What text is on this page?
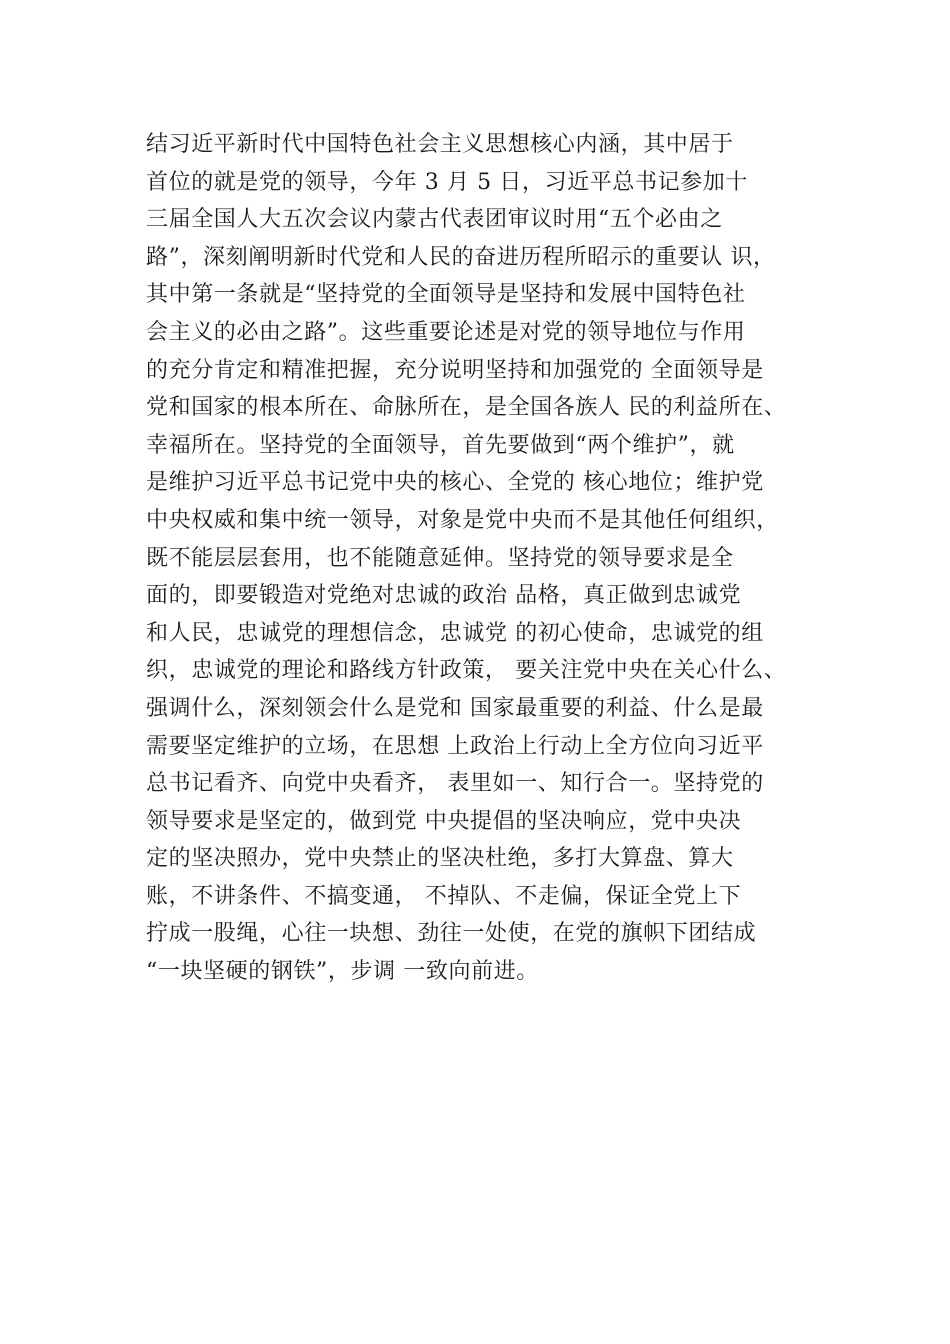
结习近平新时代中国特色社会主义思想核心内涵，其中居于
首位的就是党的领导，今年 3 月 5 日，习近平总书记参加十
三届全国人大五次会议内蒙古代表团审议时用“五个必由之
路”，深刻阐明新时代党和人民的奋进历程所昭示的重要认 识，
其中第一条就是“坚持党的全面领导是坚持和发展中国特色社
会主义的必由之路”。这些重要论述是对党的领导地位与作用
的充分肯定和精准把握，充分说明坚持和加强党的 全面领导是
党和国家的根本所在、命脉所在，是全国各族人 民的利益所在、
幸福所在。坚持党的全面领导，首先要做到“两个维护”，就
是维护习近平总书记党中央的核心、全党的 核心地位；维护党
中央权威和集中统一领导，对象是党中央而不是其他任何组织，
既不能层层套用，也不能随意延伸。坚持党的领导要求是全
面的，即要锻造对党绝对忠诚的政治 品格，真正做到忠诚党
和人民，忠诚党的理想信念，忠诚党 的初心使命，忠诚党的组
织，忠诚党的理论和路线方针政策， 要关注党中央在关心什么、
强调什么，深刻领会什么是党和 国家最重要的利益、什么是最
需要坚定维护的立场，在思想 上政治上行动上全方位向习近平
总书记看齐、向党中央看齐， 表里如一、知行合一。坚持党的
领导要求是坚定的，做到党 中央提倡的坚决响应，党中央决
定的坚决照办，党中央禁止的坚决杜绝，多打大算盘、算大
账，不讲条件、不搞变通， 不掉队、不走偏，保证全党上下
拧成一股绳，心往一块想、劲往一处使，在党的旗帜下团结成
“一块坚硬的钢铁”，步调 一致向前进。
